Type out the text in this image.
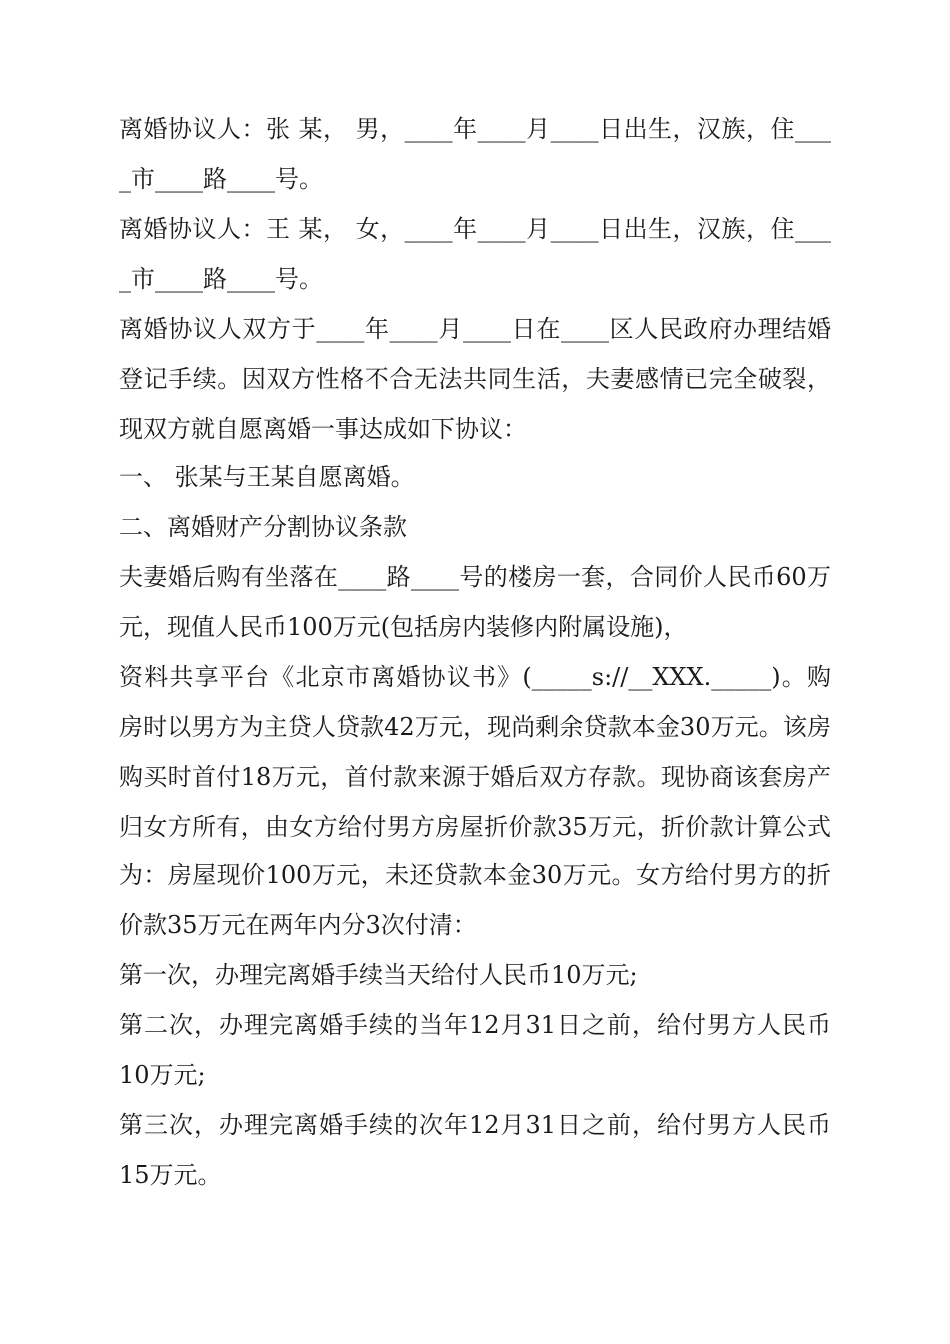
离婚协议人：张 某， 男，____年____月____日出生，汉族，住___
_市____路____号。
离婚协议人：王 某， 女，____年____月____日出生，汉族，住___
_市____路____号。
离婚协议人双方于____年____月____日在____区人民政府办理结婚
登记手续。因双方性格不合无法共同生活，夫妻感情已完全破裂，
现双方就自愿离婚一事达成如下协议：
一、 张某与王某自愿离婚。
二、离婚财产分割协议条款
夫妻婚后购有坐落在____路____号的楼房一套，合同价人民币60万
元，现值人民币100万元(包括房内装修内附属设施)，
资料共享平台《北京市离婚协议书》(_____s://__XXX._____)。购
房时以男方为主贷人贷款42万元，现尚剩余贷款本金30万元。该房
购买时首付18万元，首付款来源于婚后双方存款。现协商该套房产
归女方所有，由女方给付男方房屋折价款35万元，折价款计算公式
为：房屋现价100万元，未还贷款本金30万元。女方给付男方的折
价款35万元在两年内分3次付清：
第一次，办理完离婚手续当天给付人民币10万元;
第二次，办理完离婚手续的当年12月31日之前，给付男方人民币
10万元;
第三次，办理完离婚手续的次年12月31日之前，给付男方人民币
15万元。
